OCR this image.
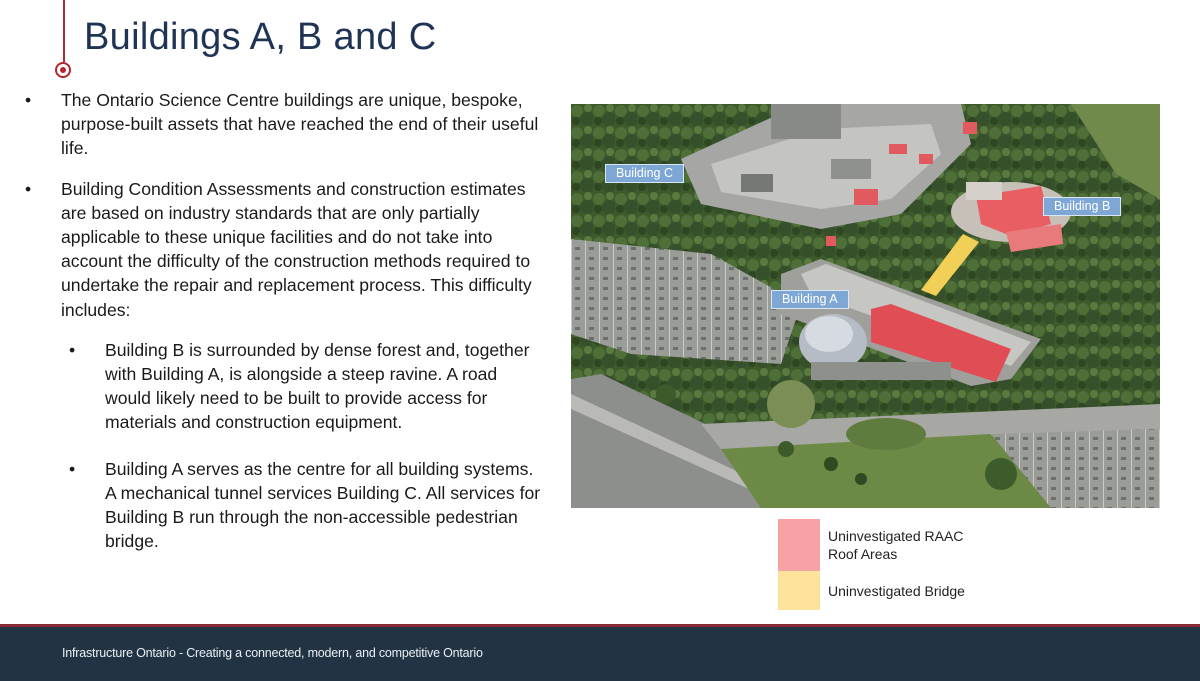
Buildings A, B and C
• The Ontario Science Centre buildings are unique, bespoke, purpose-built assets that have reached the end of their useful life.
• Building Condition Assessments and construction estimates are based on industry standards that are only partially applicable to these unique facilities and do not take into account the difficulty of the construction methods required to undertake the repair and replacement process. This difficulty includes:
• Building B is surrounded by dense forest and, together with Building A, is alongside a steep ravine. A road would likely need to be built to provide access for materials and construction equipment.
• Building A serves as the centre for all building systems. A mechanical tunnel services Building C. All services for Building B run through the non-accessible pedestrian bridge.
Building C
Building B
Building A
Uninvestigated RAAC
Roof Areas
Uninvestigated Bridge
Infrastructure Ontario - Creating a connected, modern, and competitive Ontario
